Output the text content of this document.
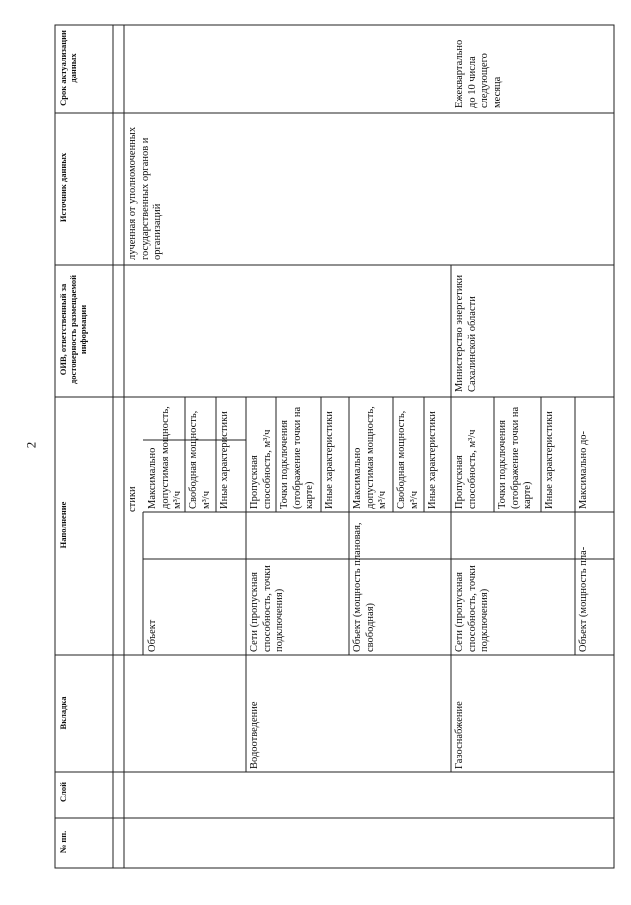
2
№ пп.
Слой
Вкладка
Наполнение
ОИВ, ответственный за достоверность размещаемой информации
Источник данных
Срок актуализации данных
стики
Объект
Максимально допустимая мощность, м³/ч Свободная мощность, м³/ч Иные характеристики
Водоотведение
Сети (пропускная способность, точки подключения)
Пропускная способность, м³/ч Точки подключения (отображение точки на карте) Иные характеристики
Объект (мощность плановая, свободная)
Максимально допустимая мощность, м³/ч Свободная мощность, м³/ч Иные характеристики
Газоснабжение
Сети (пропускная способность, точки подключения)
Пропускная способность, м³/ч Точки подключения (отображение точки на карте) Иные характеристики
Объект (мощность пла-
Максимально до-
Министерство энергетики Сахалинской области
лученная от уполномоченных государственных органов и организаций
Ежеквартально до 10 числа следующего месяца
